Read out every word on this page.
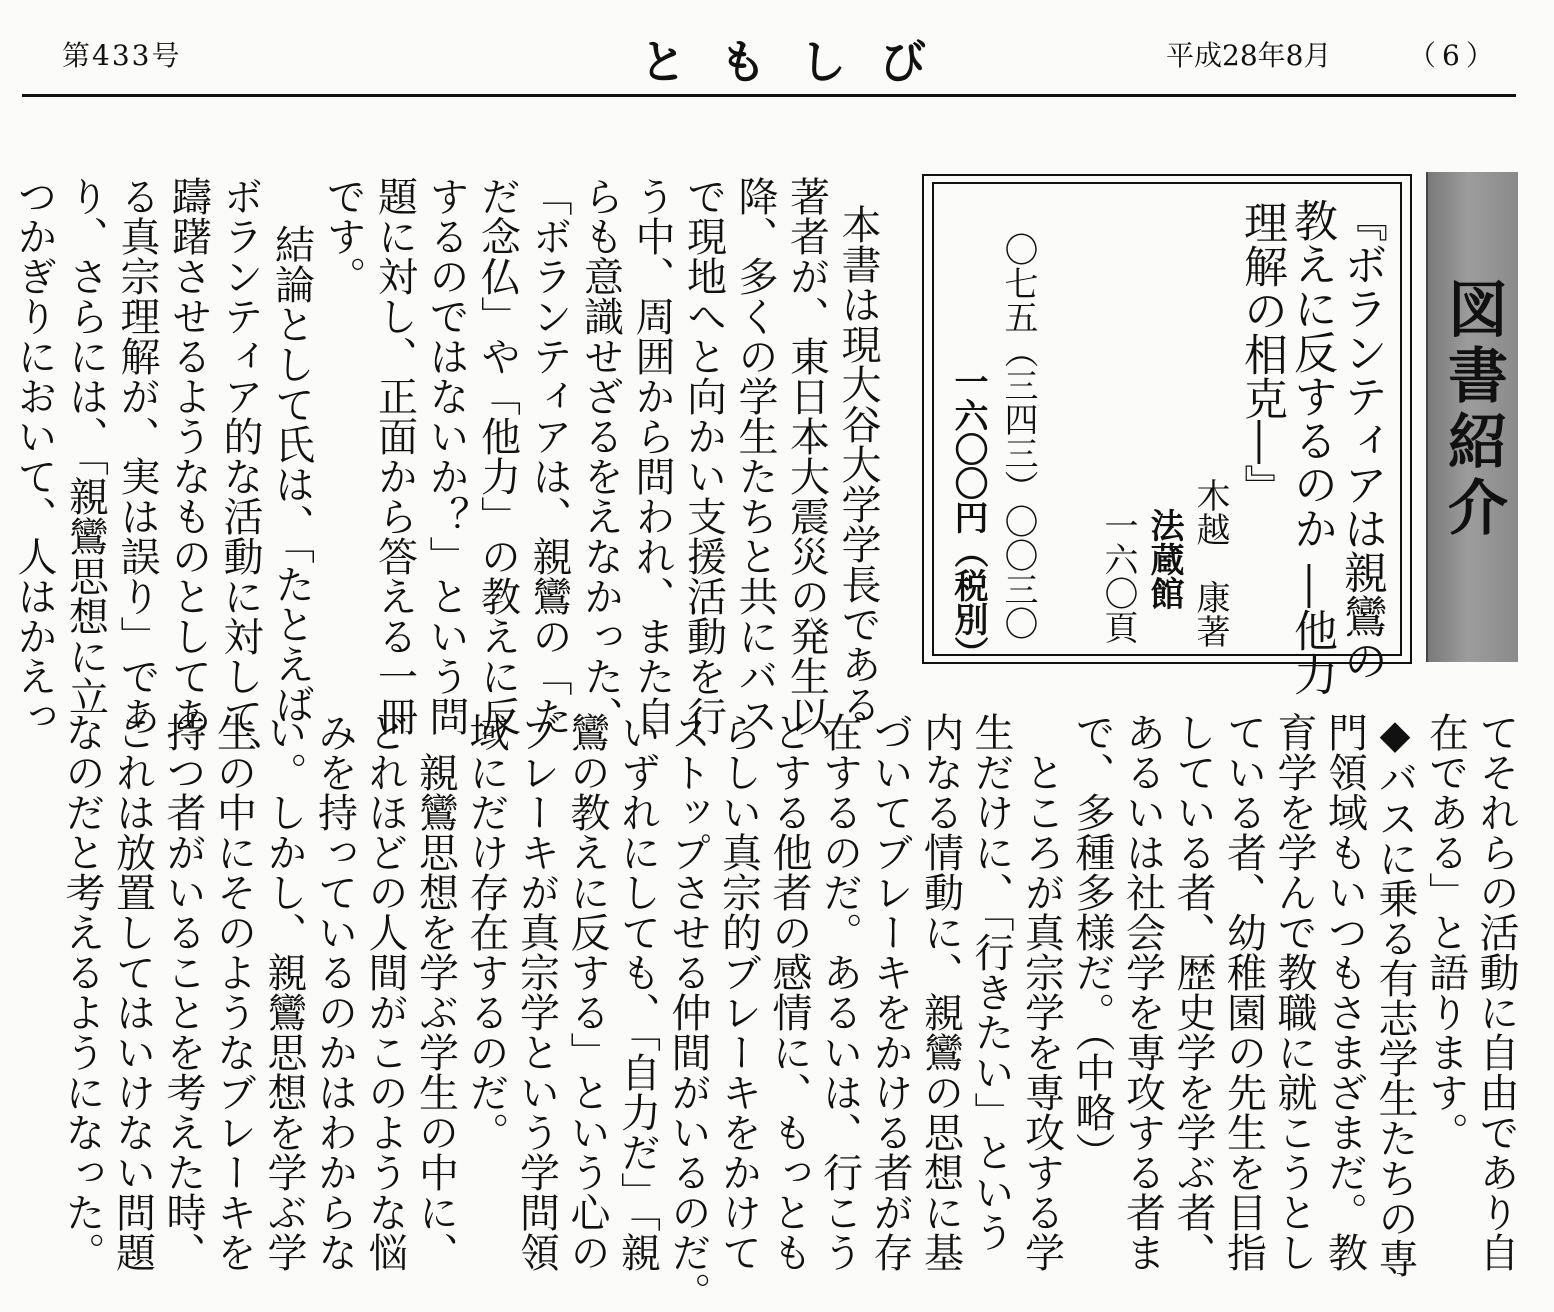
第433号	ともしび	平成28年8月	（6）
図書紹介
『ボランティアは親鸞の
教えに反するのか ―他力
理解の相克―』
木越　康著
法蔵館
一六〇頁
〇七五（三四三）〇〇三〇
一六〇〇円（税別）
本書は現大谷大学学長である
著者が、東日本大震災の発生以
降、多くの学生たちと共にバス
で現地へと向かい支援活動を行
う中、周囲から問われ、また自
らも意識せざるをえなかった、
「ボランティアは、親鸞の「た
だ念仏」や「他力」の教えに反
するのではないか？」という問
題に対し、正面から答える一冊
です。
結論として氏は、「たとえば
ボランティア的な活動に対して、
躊躇させるようなものとしてあ
る真宗理解が、実は誤り」であ
り、さらには、「親鸞思想に立
つかぎりにおいて、人はかえっ
てそれらの活動に自由であり自
在である」と語ります。
◆バスに乗る有志学生たちの専
門領域もいつもさまざまだ。教
育学を学んで教職に就こうとし
ている者、幼稚園の先生を目指
している者、歴史学を学ぶ者、
あるいは社会学を専攻する者ま
で、多種多様だ。（中略）
ところが真宗学を専攻する学
生だけに、「行きたい」という
内なる情動に、親鸞の思想に基
づいてブレーキをかける者が存
在するのだ。あるいは、行こう
とする他者の感情に、もっとも
らしい真宗的ブレーキをかけて
ストップさせる仲間がいるのだ。
いずれにしても、「自力だ」「親
鸞の教えに反する」という心の
ブレーキが真宗学という学問領
域にだけ存在するのだ。
親鸞思想を学ぶ学生の中に、
どれほどの人間がこのような悩
みを持っているのかはわからな
い。しかし、親鸞思想を学ぶ学
生の中にそのようなブレーキを
持つ者がいることを考えた時、
これは放置してはいけない問題
なのだと考えるようになった。
